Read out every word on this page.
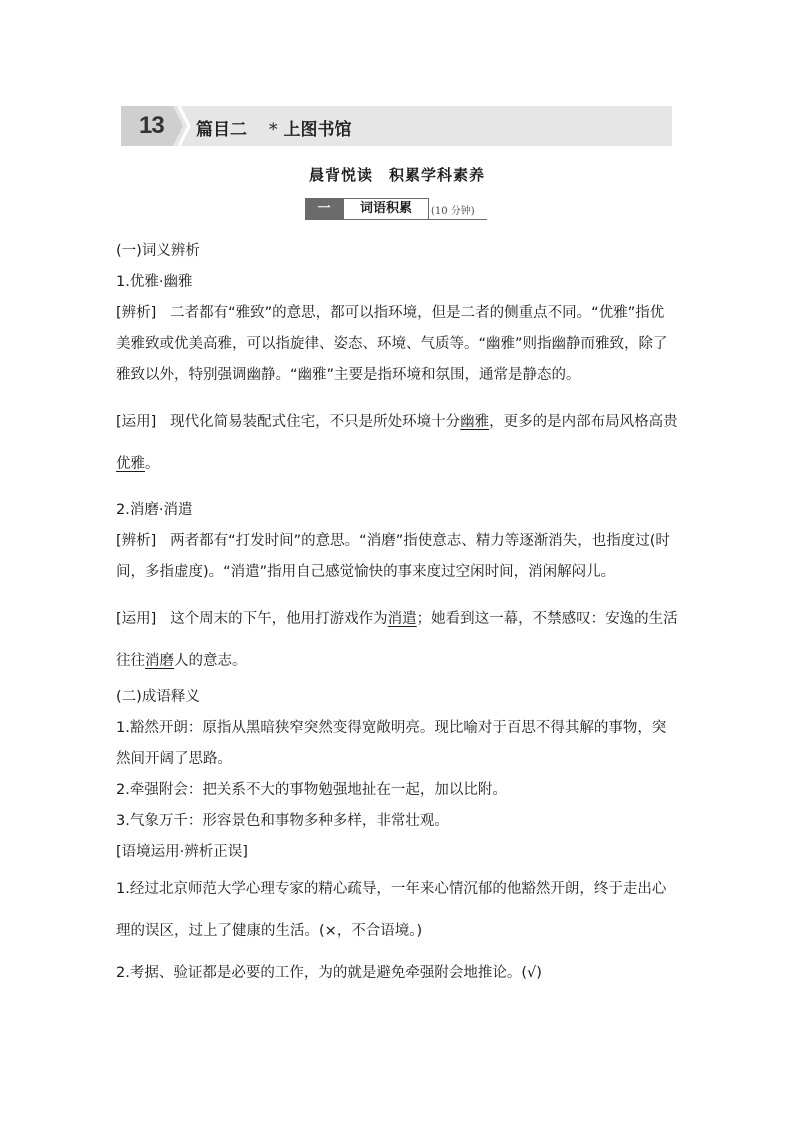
13 篇目二 * 上图书馆
晨背悦读　积累学科素养
一	词语积累	(10 分钟)

(一)词义辨析

1.优雅·幽雅

[辨析] 二者都有“雅致”的意思，都可以指环境，但是二者的侧重点不同。“优雅”指优美雅致或优美高雅，可以指旋律、姿态、环境、气质等。“幽雅”则指幽静而雅致，除了雅致以外，特别强调幽静。“幽雅”主要是指环境和氛围，通常是静态的。

[运用] 现代化简易装配式住宅，不只是所处环境十分幽雅，更多的是内部布局风格高贵优雅。

2.消磨·消遣

[辨析] 两者都有“打发时间”的意思。“消磨”指使意志、精力等逐渐消失，也指度过(时间，多指虚度)。“消遣”指用自己感觉愉快的事来度过空闲时间，消闲解闷儿。

[运用] 这个周末的下午，他用打游戏作为消遣；她看到这一幕，不禁感叹：安逸的生活往往消磨人的意志。

(二)成语释义

1.豁然开朗：原指从黑暗狭窄突然变得宽敞明亮。现比喻对于百思不得其解的事物，突然间开阔了思路。

2.牵强附会：把关系不大的事物勉强地扯在一起，加以比附。

3.气象万千：形容景色和事物多种多样，非常壮观。

[语境运用·辨析正误]

1.经过北京师范大学心理专家的精心疏导，一年来心情沉郁的他豁然开朗，终于走出心理的误区，过上了健康的生活。(×，不合语境。)

2.考据、验证都是必要的工作，为的就是避免牵强附会地推论。(√)
